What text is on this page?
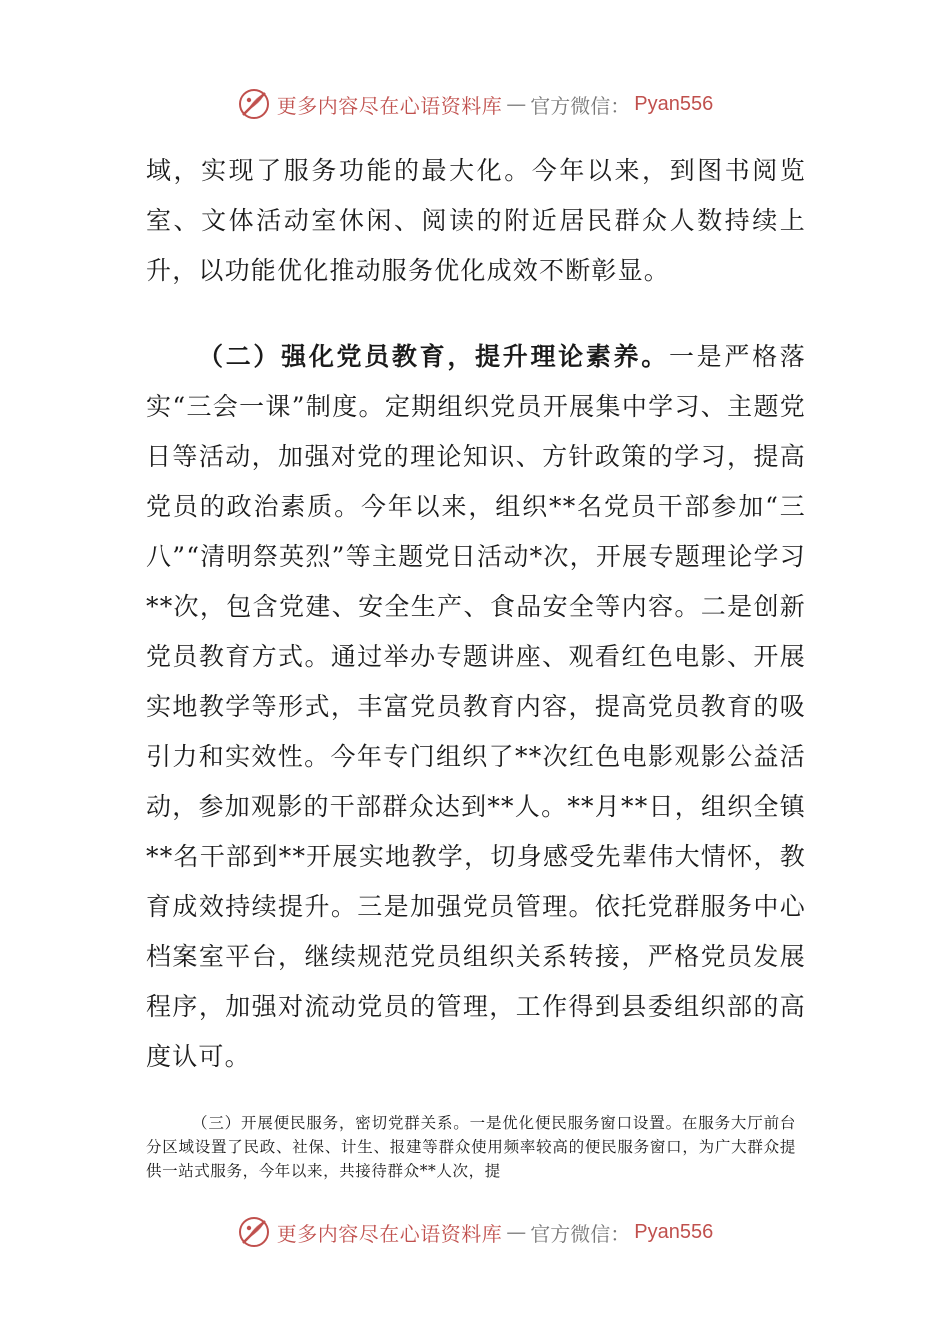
更多内容尽在心语资料库 — 官方微信： Pyan556
域，实现了服务功能的最大化。今年以来，到图书阅览室、文体活动室休闲、阅读的附近居民群众人数持续上升，以功能优化推动服务优化成效不断彰显。
（二）强化党员教育，提升理论素养。一是严格落实“三会一课”制度。定期组织党员开展集中学习、主题党日等活动，加强对党的理论知识、方针政策的学习，提高党员的政治素质。今年以来，组织**名党员干部参加“三八”“清明祭英烈”等主题党日活动*次，开展专题理论学习**次，包含党建、安全生产、食品安全等内容。二是创新党员教育方式。通过举办专题讲座、观看红色电影、开展实地教学等形式，丰富党员教育内容，提高党员教育的吸引力和实效性。今年专门组织了**次红色电影观影公益活动，参加观影的干部群众达到**人。**月**日，组织全镇**名干部到**开展实地教学，切身感受先辈伟大情怀，教育成效持续提升。三是加强党员管理。依托党群服务中心档案室平台，继续规范党员组织关系转接，严格党员发展程序，加强对流动党员的管理，工作得到县委组织部的高度认可。
（三）开展便民服务，密切党群关系。一是优化便民服务窗口设置。在服务大厅前台分区域设置了民政、社保、计生、报建等群众使用频率较高的便民服务窗口，为广大群众提供一站式服务，今年以来，共接待群众**人次，提
更多内容尽在心语资料库 — 官方微信： Pyan556
